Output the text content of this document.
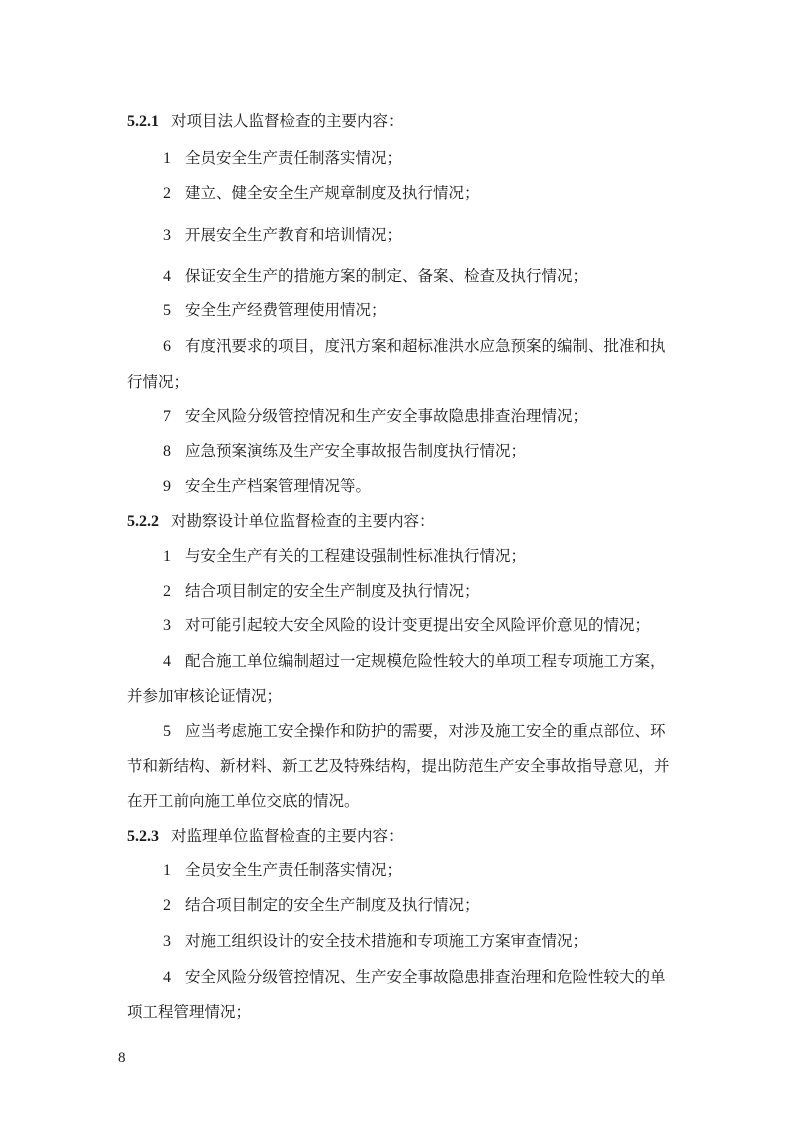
5.2.1 对项目法人监督检查的主要内容：
1 全员安全生产责任制落实情况；
2 建立、健全安全生产规章制度及执行情况；
3 开展安全生产教育和培训情况；
4 保证安全生产的措施方案的制定、备案、检查及执行情况；
5 安全生产经费管理使用情况；
6 有度汛要求的项目，度汛方案和超标准洪水应急预案的编制、批准和执
行情况；
7 安全风险分级管控情况和生产安全事故隐患排查治理情况；
8 应急预案演练及生产安全事故报告制度执行情况；
9 安全生产档案管理情况等。
5.2.2 对勘察设计单位监督检查的主要内容：
1 与安全生产有关的工程建设强制性标准执行情况；
2 结合项目制定的安全生产制度及执行情况；
3 对可能引起较大安全风险的设计变更提出安全风险评价意见的情况；
4 配合施工单位编制超过一定规模危险性较大的单项工程专项施工方案，
并参加审核论证情况；
5 应当考虑施工安全操作和防护的需要，对涉及施工安全的重点部位、环
节和新结构、新材料、新工艺及特殊结构，提出防范生产安全事故指导意见，并
在开工前向施工单位交底的情况。
5.2.3 对监理单位监督检查的主要内容：
1 全员安全生产责任制落实情况；
2 结合项目制定的安全生产制度及执行情况；
3 对施工组织设计的安全技术措施和专项施工方案审查情况；
4 安全风险分级管控情况、生产安全事故隐患排查治理和危险性较大的单
项工程管理情况；
8
